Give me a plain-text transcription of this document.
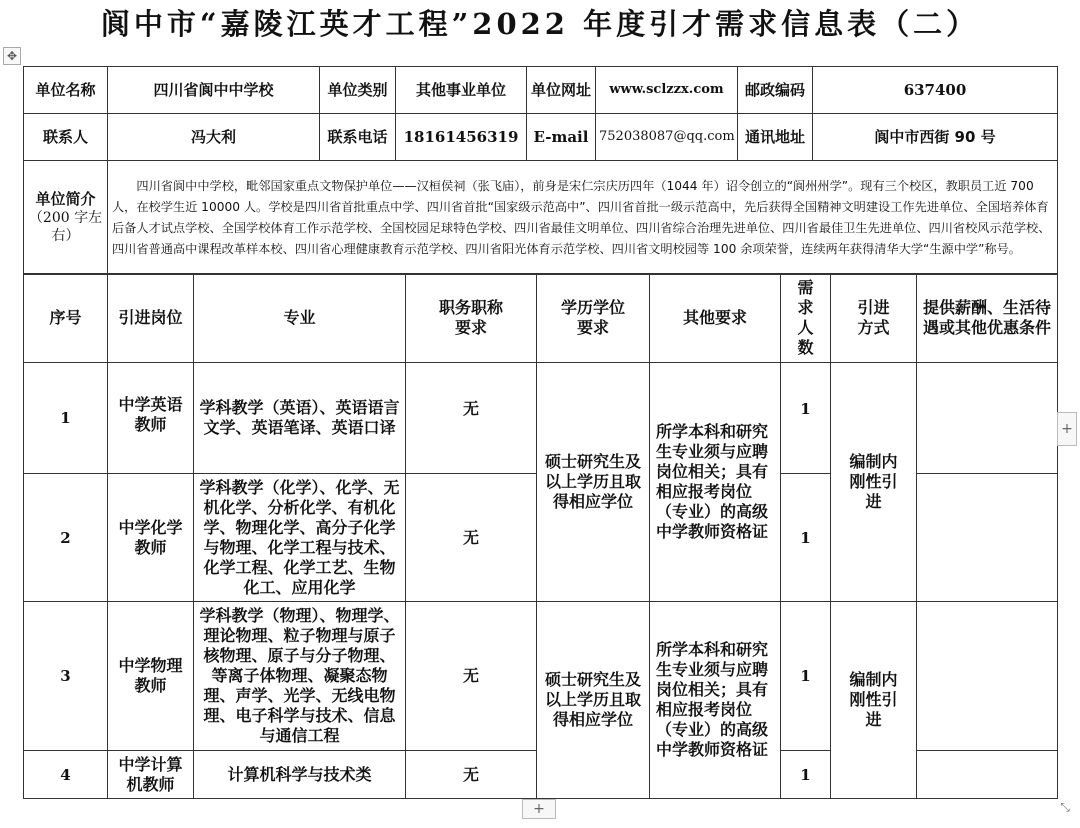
阆中市“嘉陵江英才工程”2022 年度引才需求信息表（二）
✥
单位名称	四川省阆中中学校	单位类别	其他事业单位	单位网址	www.sclzzx.com	邮政编码	637400
联系人	冯大利	联系电话	18161456319	E-mail	752038087@qq.com	通讯地址	阆中市西街 90 号

单位简介
（200 字左右）	四川省阆中中学校，毗邻国家重点文物保护单位——汉桓侯祠（张飞庙），前身是宋仁宗庆历四年（1044 年）诏令创立的“阆州州学”。现有三个校区，教职员工近 700 人，在校学生近 10000 人。学校是四川省首批重点中学、四川省首批“国家级示范高中”、四川省首批一级示范高中，先后获得全国精神文明建设工作先进单位、全国培养体育后备人才试点学校、全国学校体育工作示范学校、全国校园足球特色学校、四川省最佳文明单位、四川省综合治理先进单位、四川省最佳卫生先进单位、四川省校风示范学校、四川省普通高中课程改革样本校、四川省心理健康教育示范学校、四川省阳光体育示范学校、四川省文明校园等 100 余项荣誉，连续两年获得清华大学“生源中学”称号。						
序号	引进岗位	专业	职务职称要求	学历学位要求	其他要求	需求人数	引进方式	提供薪酬、生活待遇或其他优惠条件
1	中学英语教师	学科教学（英语）、英语语言文学、英语笔译、英语口译	无	硕士研究生及以上学历且取得相应学位	所学本科和研究生专业须与应聘岗位相关；具有相应报考岗位（专业）的高级中学教师资格证	1	编制内刚性引进	
2	中学化学教师	学科教学（化学）、化学、无机化学、分析化学、有机化学、物理化学、高分子化学与物理、化学工程与技术、化学工程、化学工艺、生物化工、应用化学	无			1		
3	中学物理教师	学科教学（物理）、物理学、理论物理、粒子物理与原子核物理、原子与分子物理、等离子体物理、凝聚态物理、声学、光学、无线电物理、电子科学与技术、信息与通信工程	无	硕士研究生及以上学历且取得相应学位	所学本科和研究生专业须与应聘岗位相关；具有相应报考岗位（专业）的高级中学教师资格证	1	编制内刚性引进	
4	中学计算机教师	计算机科学与技术类	无			1		
+
+	⤡
